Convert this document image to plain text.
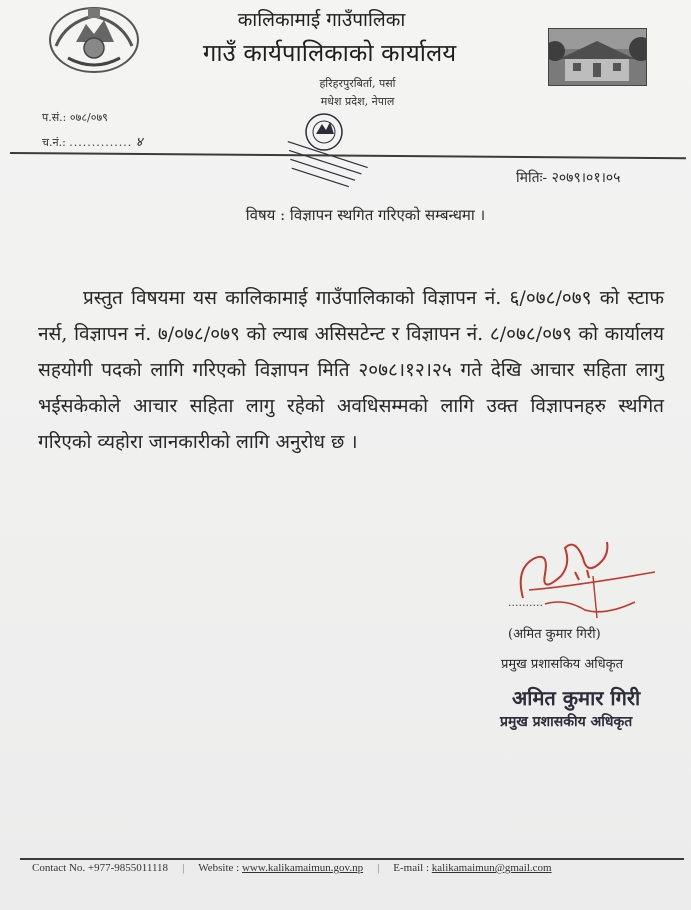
कालिकामाई गाउँपालिका
गाउँ कार्यपालिकाको कार्यालय
हरिहरपुरबिर्ता, पर्सा
मधेश प्रदेश, नेपाल
प.सं.: ०७८/०७९
च.नं.: .............. ४
मितिः- २०७९।०१।०५
विषय : विज्ञापन स्थगित गरिएको सम्बन्धमा ।
प्रस्तुत विषयमा यस कालिकामाई गाउँपालिकाको विज्ञापन नं. ६/०७८/०७९ को स्टाफ नर्स, विज्ञापन नं. ७/०७८/०७९ को ल्याब असिसटेन्ट र विज्ञापन नं. ८/०७८/०७९ को कार्यालय सहयोगी पदको लागि गरिएको विज्ञापन मिति २०७८।१२।२५ गते देखि आचार सहिता लागु भईसकेकोले आचार सहिता लागु रहेको अवधिसम्मको लागि उक्त विज्ञापनहरु स्थगित गरिएको व्यहोरा जानकारीको लागि अनुरोध छ ।
..........
(अमित कुमार गिरी)
प्रमुख प्रशासकिय अधिकृत
अमित कुमार गिरी
प्रमुख प्रशासकीय अधिकृत
Contact No. +977-9855011118 | Website :
www.kalikamaimun.gov.np | E-mail :
kalikamaimun@gmail.com
